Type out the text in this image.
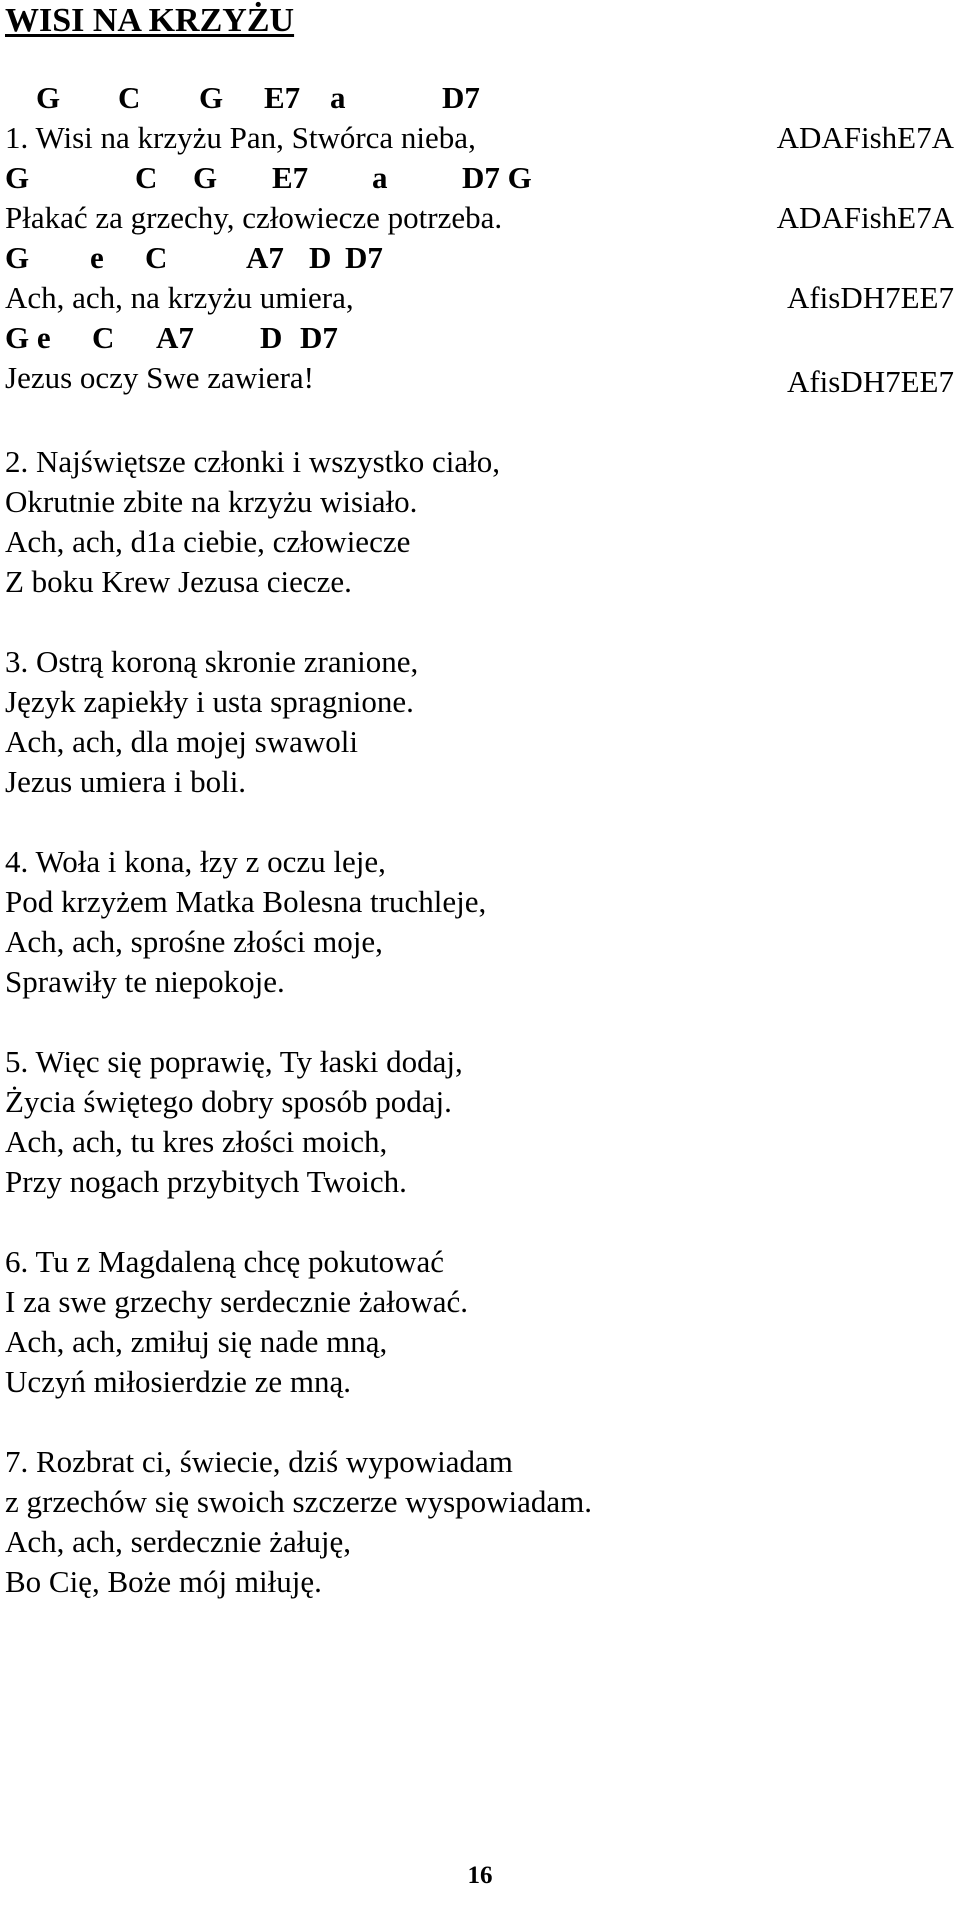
WISI NA KRZYŻU
G C G E7 a	D7
1. Wisi na krzyżu Pan, Stwórca nieba,	ADAFishE7A
G	C G E7 a D7 G
Płakać za grzechy, człowiecze potrzeba.	ADAFishE7A
G e C	A7 D D7
Ach, ach, na krzyżu umiera,	AfisDH7EE7
G e C A7 D D7
Jezus oczy Swe zawiera!	AfisDH7EE7
2. Najświętsze członki i wszystko ciało,
Okrutnie zbite na krzyżu wisiało.
Ach, ach, d1a ciebie, człowiecze
Z boku Krew Jezusa ciecze.
3. Ostrą koroną skronie zranione,
Język zapiekły i usta spragnione.
Ach, ach, dla mojej swawoli
Jezus umiera i boli.
4. Woła i kona, łzy z oczu leje,
Pod krzyżem Matka Bolesna truchleje,
Ach, ach, sprośne złości moje,
Sprawiły te niepokoje.
5. Więc się poprawię, Ty łaski dodaj,
Życia świętego dobry sposób podaj.
Ach, ach, tu kres złości moich,
Przy nogach przybitych Twoich.
6. Tu z Magdaleną chcę pokutować
I za swe grzechy serdecznie żałować.
Ach, ach, zmiłuj się nade mną,
Uczyń miłosierdzie ze mną.
7. Rozbrat ci, świecie, dziś wypowiadam
z grzechów się swoich szczerze wyspowiadam.
Ach, ach, serdecznie żałuję,
Bo Cię, Boże mój miłuję.
16
